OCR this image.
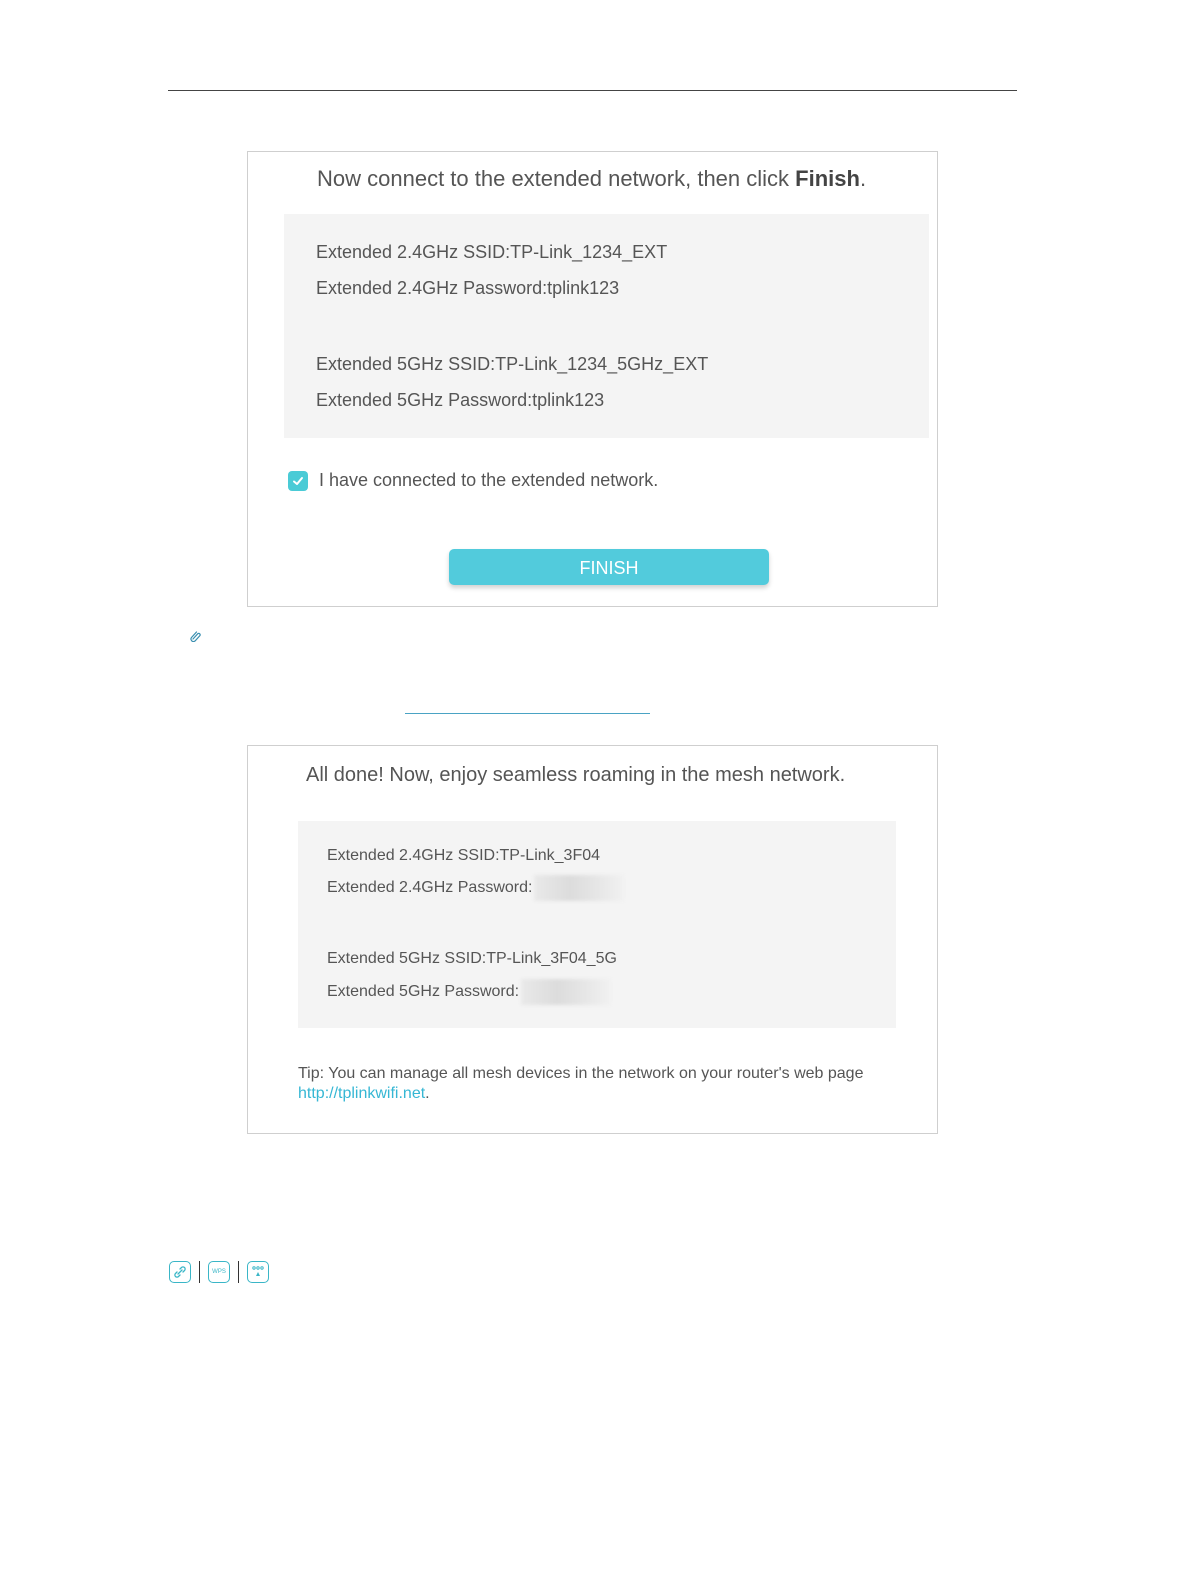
Now connect to the extended network, then click Finish.
Extended 2.4GHz SSID:TP-Link_1234_EXT
Extended 2.4GHz Password:tplink123
Extended 5GHz SSID:TP-Link_1234_5GHz_EXT
Extended 5GHz Password:tplink123
I have connected to the extended network.
FINISH
All done! Now, enjoy seamless roaming in the mesh network.
Extended 2.4GHz SSID:TP-Link_3F04
Extended 2.4GHz Password:
Extended 5GHz SSID:TP-Link_3F04_5G
Extended 5GHz Password:
Tip: You can manage all mesh devices in the network on your router's web page
http://tplinkwifi.net.
WPS
